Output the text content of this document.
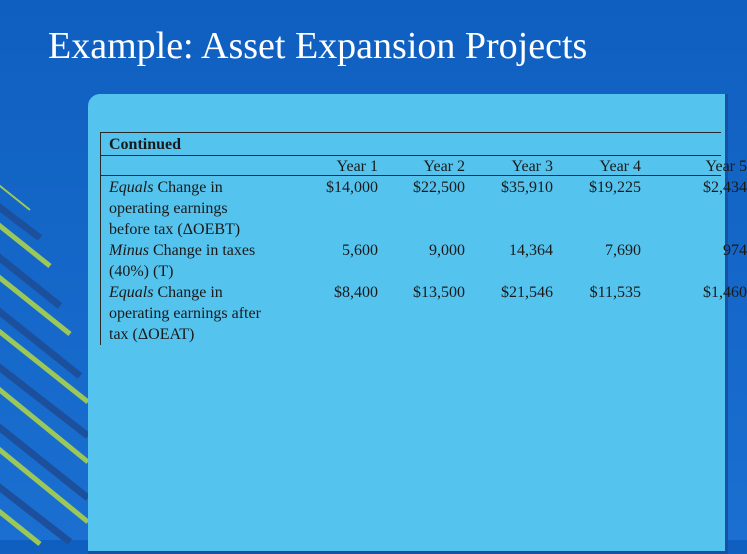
Example: Asset Expansion Projects
Continued
Year 1	Year 2	Year 3	Year 4	Year 5
Equals Change in
operating earnings
before tax (ΔOEBT)
$14,000 $22,500 $35,910 $19,225	$2,434
Minus Change in taxes
(40%) (T)
5,600	9,000	14,364	7,690	974
Equals Change in
operating earnings after
tax (ΔOEAT)
$8,400 $13,500 $21,546 $11,535	$1,460
